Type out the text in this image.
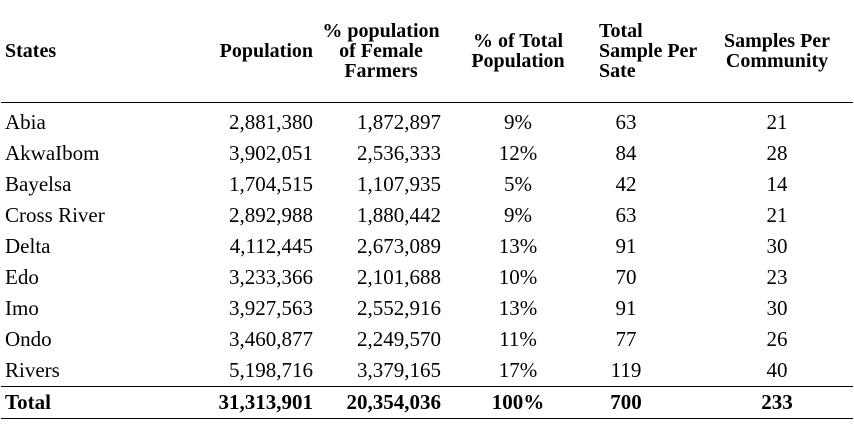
States	Population	% population of Female Farmers	% of Total Population	Total Sample Per Sate	Samples Per Community
Abia	2,881,380	1,872,897	9%	63	21
AkwaIbom	3,902,051	2,536,333	12%	84	28
Bayelsa	1,704,515	1,107,935	5%	42	14
Cross River	2,892,988	1,880,442	9%	63	21
Delta	4,112,445	2,673,089	13%	91	30
Edo	3,233,366	2,101,688	10%	70	23
Imo	3,927,563	2,552,916	13%	91	30
Ondo	3,460,877	2,249,570	11%	77	26
Rivers	5,198,716	3,379,165	17%	119	40
Total	31,313,901	20,354,036	100%	700	233
